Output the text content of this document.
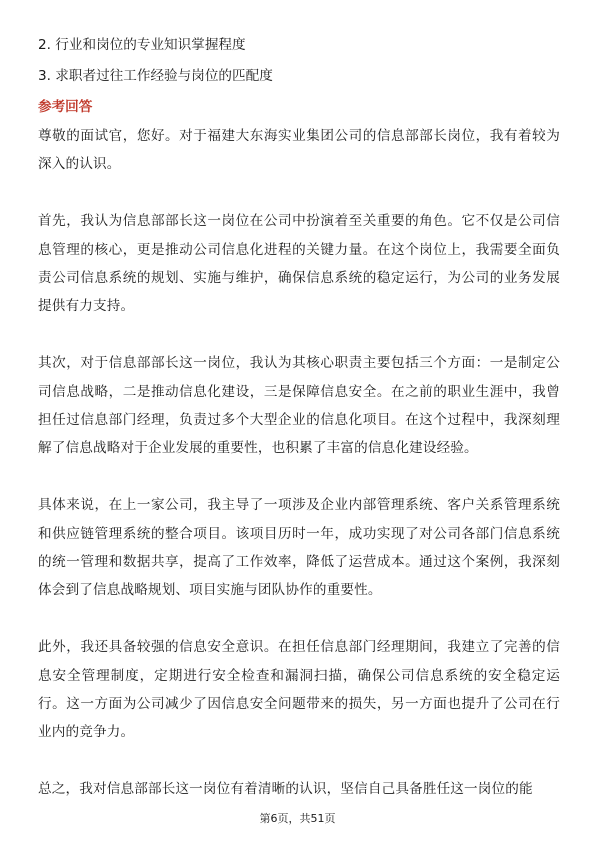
2. 行业和岗位的专业知识掌握程度

3. 求职者过往工作经验与岗位的匹配度

参考回答

尊敬的面试官，您好。对于福建大东海实业集团公司的信息部部长岗位，我有着较为深入的认识。

首先，我认为信息部部长这一岗位在公司中扮演着至关重要的角色。它不仅是公司信息管理的核心，更是推动公司信息化进程的关键力量。在这个岗位上，我需要全面负责公司信息系统的规划、实施与维护，确保信息系统的稳定运行，为公司的业务发展提供有力支持。

其次，对于信息部部长这一岗位，我认为其核心职责主要包括三个方面：一是制定公司信息战略，二是推动信息化建设，三是保障信息安全。在之前的职业生涯中，我曾担任过信息部门经理，负责过多个大型企业的信息化项目。在这个过程中，我深刻理解了信息战略对于企业发展的重要性，也积累了丰富的信息化建设经验。

具体来说，在上一家公司，我主导了一项涉及企业内部管理系统、客户关系管理系统和供应链管理系统的整合项目。该项目历时一年，成功实现了对公司各部门信息系统的统一管理和数据共享，提高了工作效率，降低了运营成本。通过这个案例，我深刻体会到了信息战略规划、项目实施与团队协作的重要性。

此外，我还具备较强的信息安全意识。在担任信息部门经理期间，我建立了完善的信息安全管理制度，定期进行安全检查和漏洞扫描，确保公司信息系统的安全稳定运行。这一方面为公司减少了因信息安全问题带来的损失，另一方面也提升了公司在行业内的竞争力。

总之，我对信息部部长这一岗位有着清晰的认识，坚信自己具备胜任这一岗位的能

第6页，共51页
